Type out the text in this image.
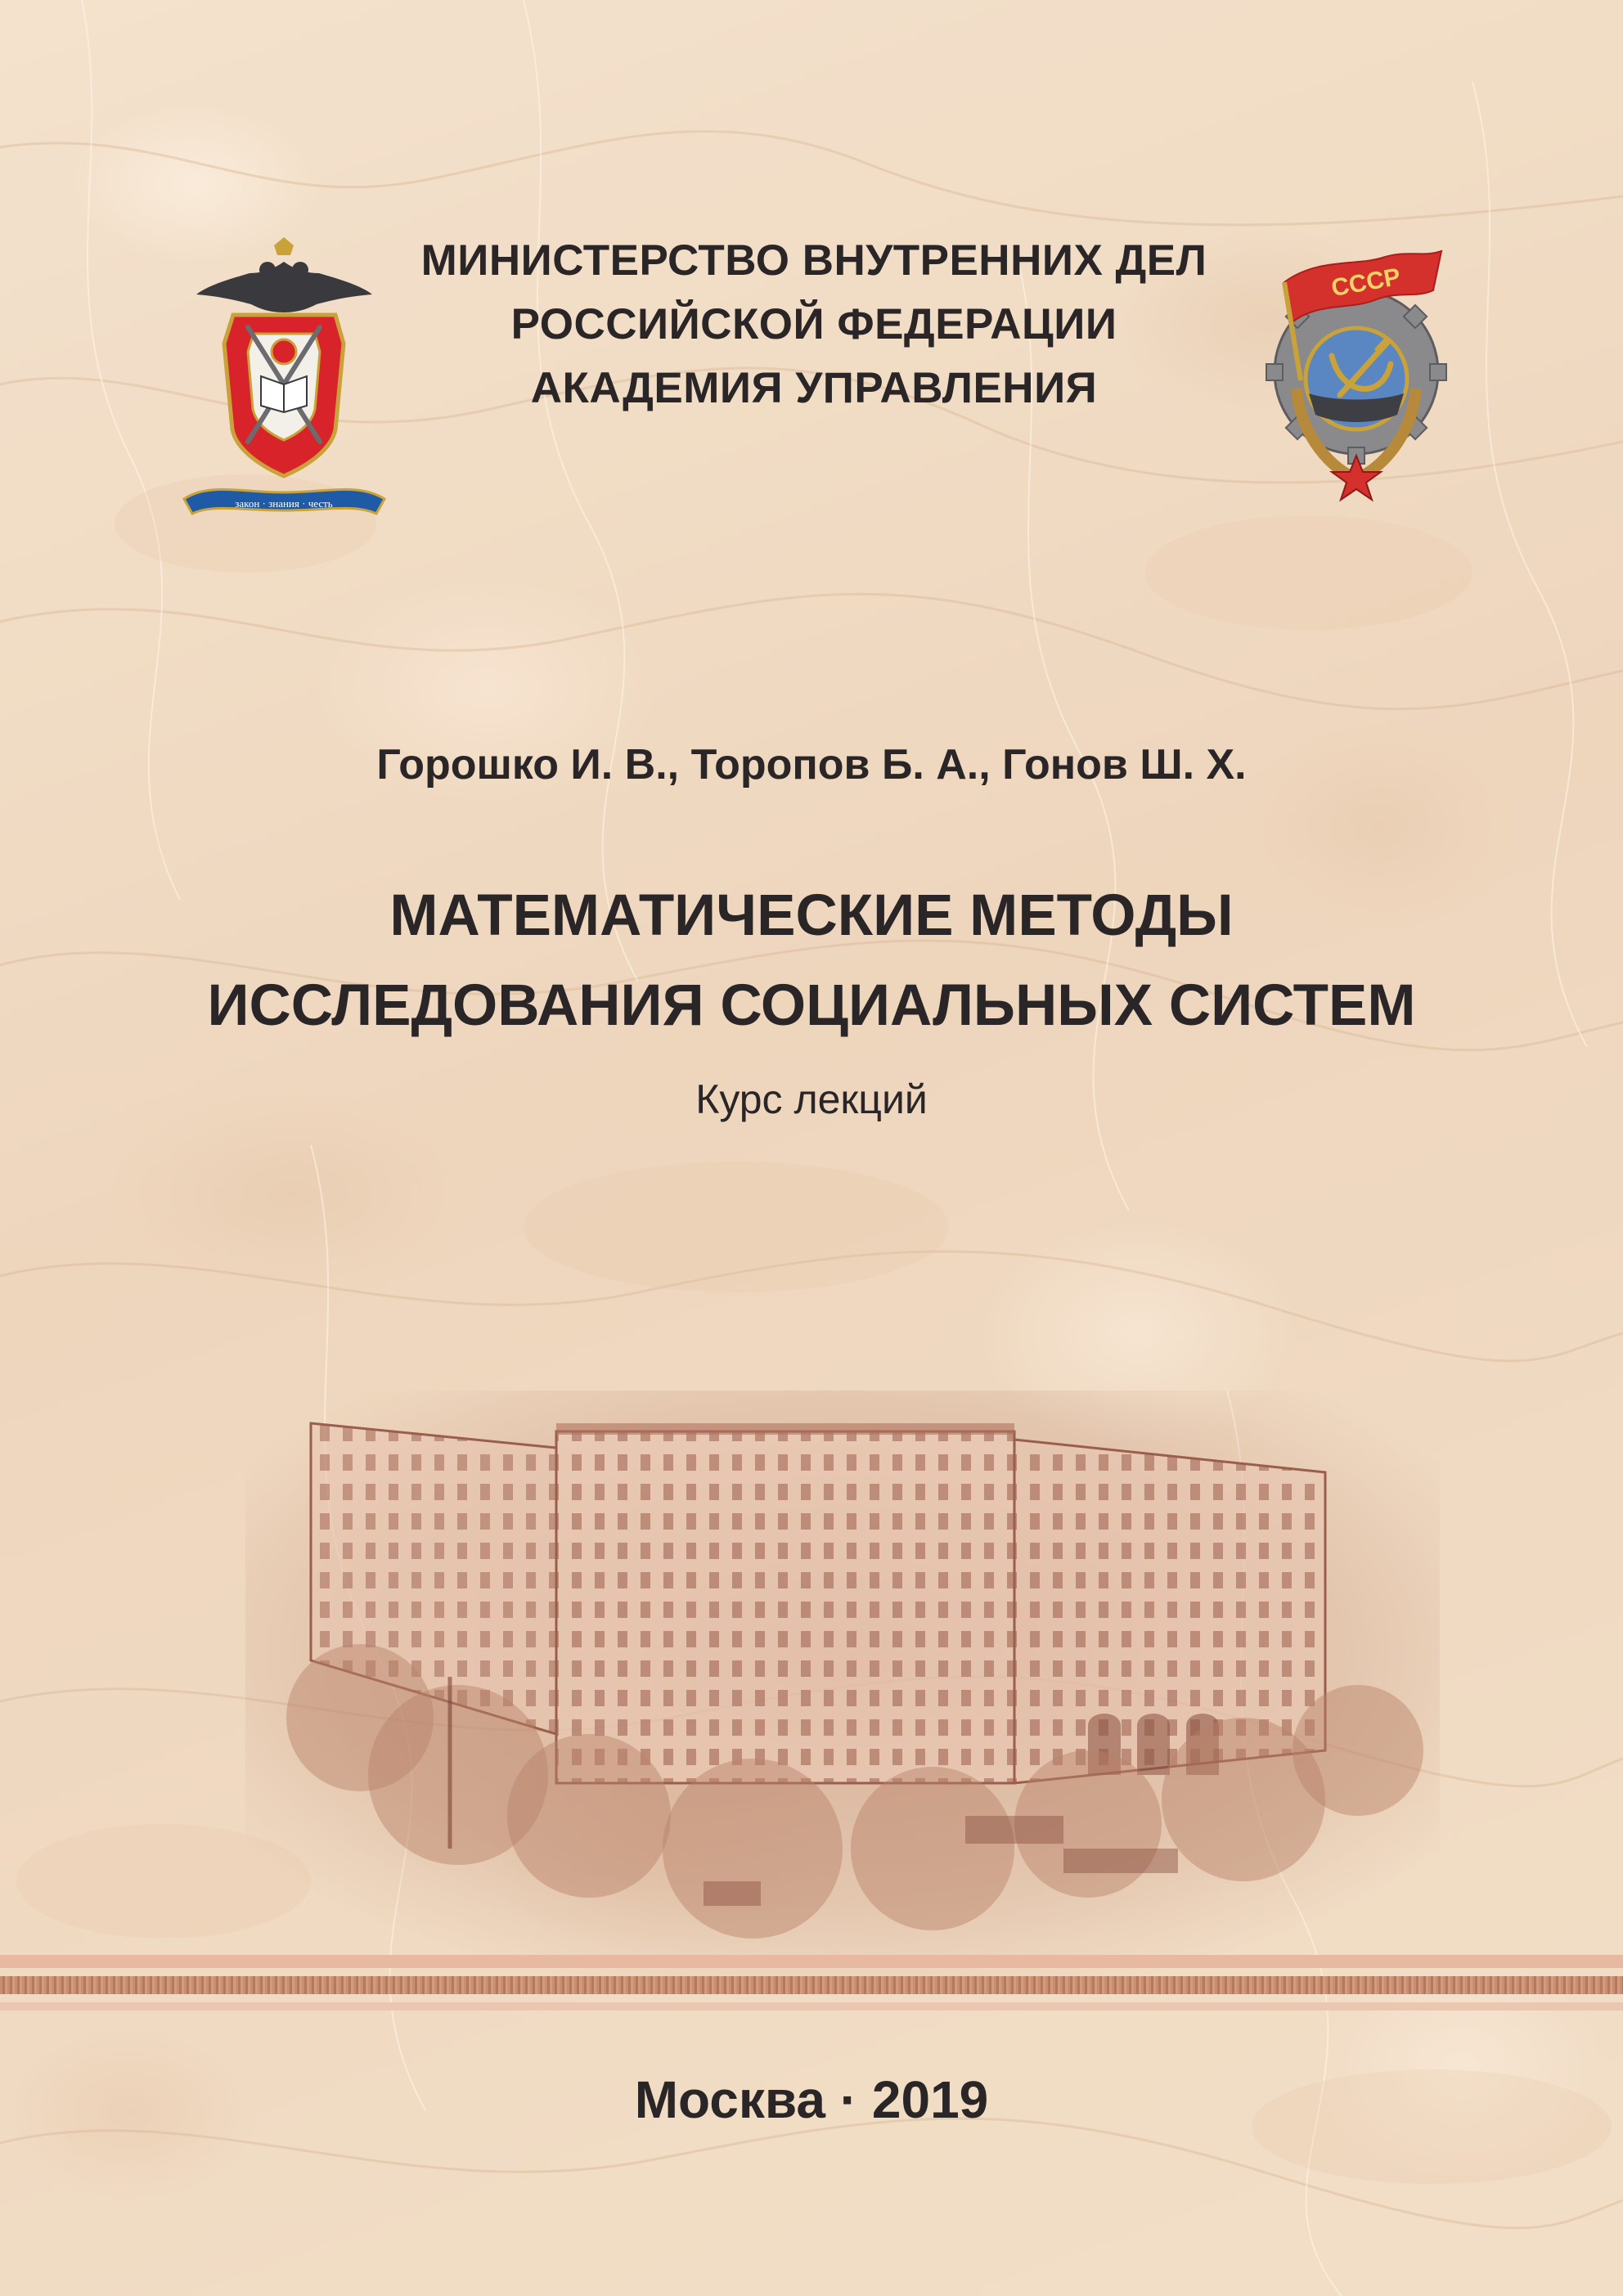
закон · знания · честь
МИНИСТЕРСТВО ВНУТРЕННИХ ДЕЛ
РОССИЙСКОЙ ФЕДЕРАЦИИ
АКАДЕМИЯ УПРАВЛЕНИЯ
СССР
Горошко И. В., Торопов Б. А., Гонов Ш. Х.
МАТЕМАТИЧЕСКИЕ МЕТОДЫ
ИССЛЕДОВАНИЯ СОЦИАЛЬНЫХ СИСТЕМ
Курс лекций
Москва · 2019
